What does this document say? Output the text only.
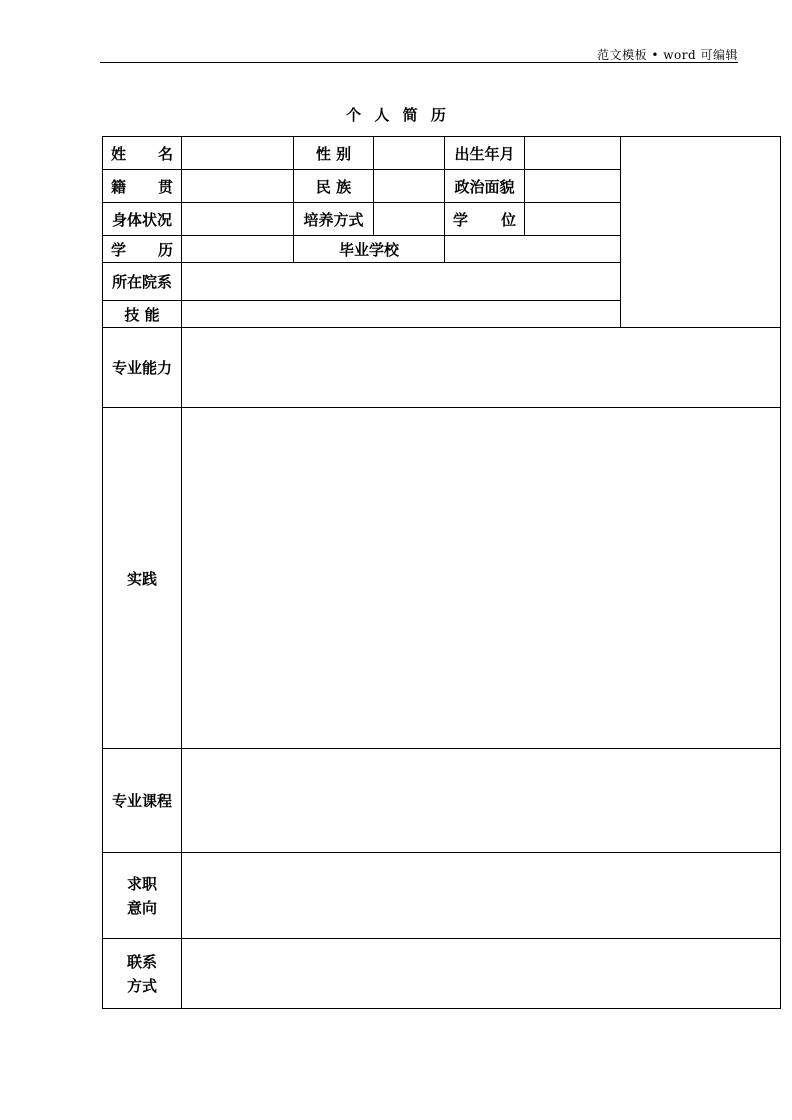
范文模板 • word 可编辑
个 人 简 历
姓　　名		性 别		出生年月		
籍　　贯		民 族		政治面貌		
身体状况		培养方式		学　　位		
学　　历		毕业学校				
所在院系						
技 能						
专业能力						
实践						
专业课程						

求职
意向						

联系
方式						
